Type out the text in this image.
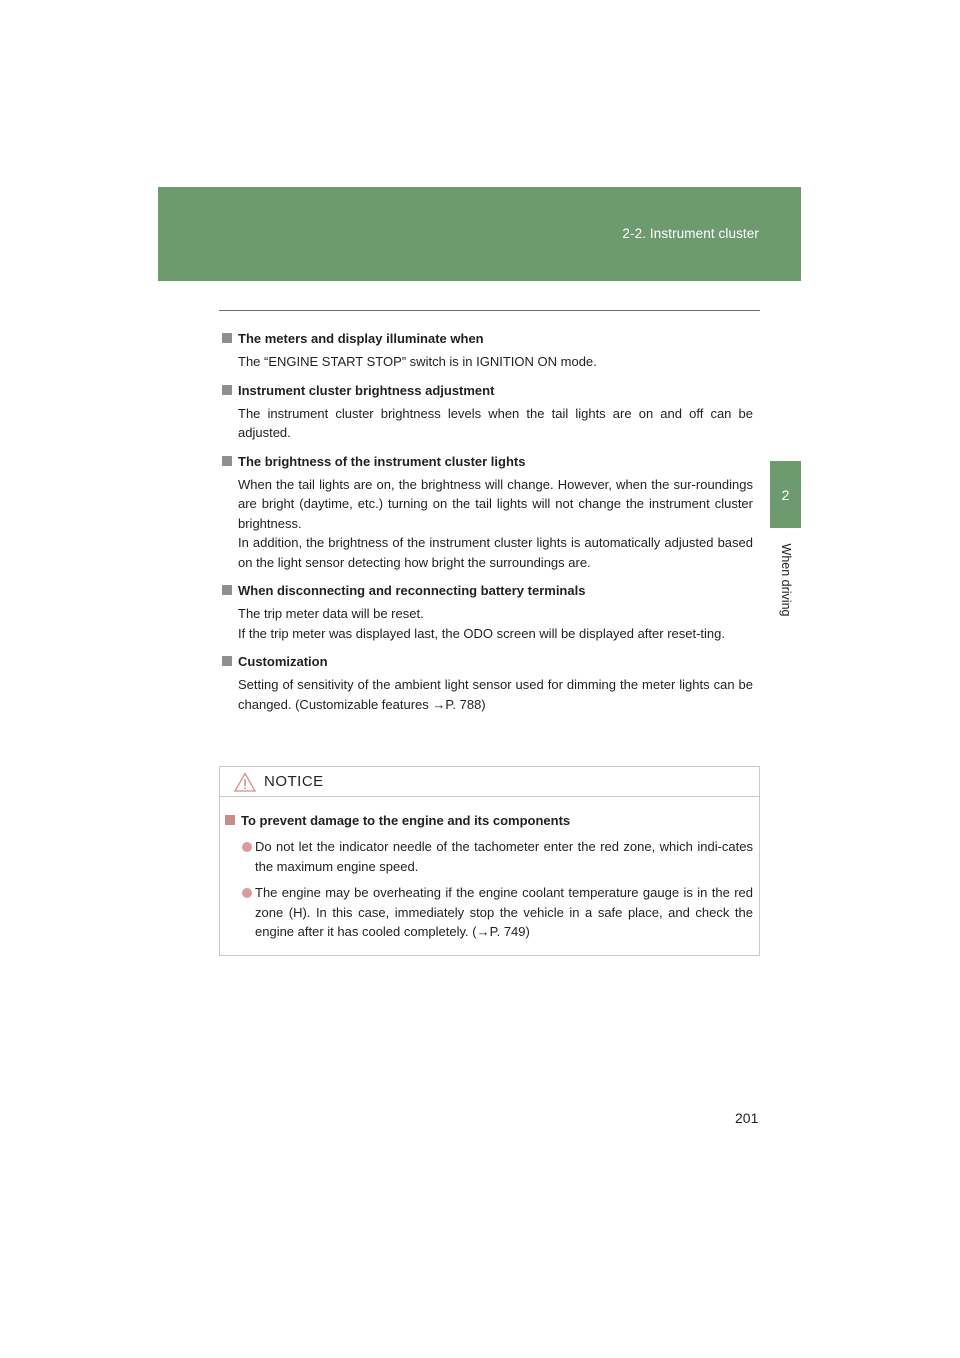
2-2. Instrument cluster
2
When driving
The meters and display illuminate when

The “ENGINE START STOP” switch is in IGNITION ON mode.

Instrument cluster brightness adjustment

The instrument cluster brightness levels when the tail lights are on and off can be adjusted.

The brightness of the instrument cluster lights

When the tail lights are on, the brightness will change. However, when the sur-roundings are bright (daytime, etc.) turning on the tail lights will not change the instrument cluster brightness.

In addition, the brightness of the instrument cluster lights is automatically adjusted based on the light sensor detecting how bright the surroundings are.

When disconnecting and reconnecting battery terminals

The trip meter data will be reset.

If the trip meter was displayed last, the ODO screen will be displayed after reset-ting.

Customization

Setting of sensitivity of the ambient light sensor used for dimming the meter lights can be changed. (Customizable features →P. 788)

NOTICE
To prevent damage to the engine and its components
Do not let the indicator needle of the tachometer enter the red zone, which indi-cates the maximum engine speed.
The engine may be overheating if the engine coolant temperature gauge is in the red zone (H). In this case, immediately stop the vehicle in a safe place, and check the engine after it has cooled completely. (→P. 749)
201
